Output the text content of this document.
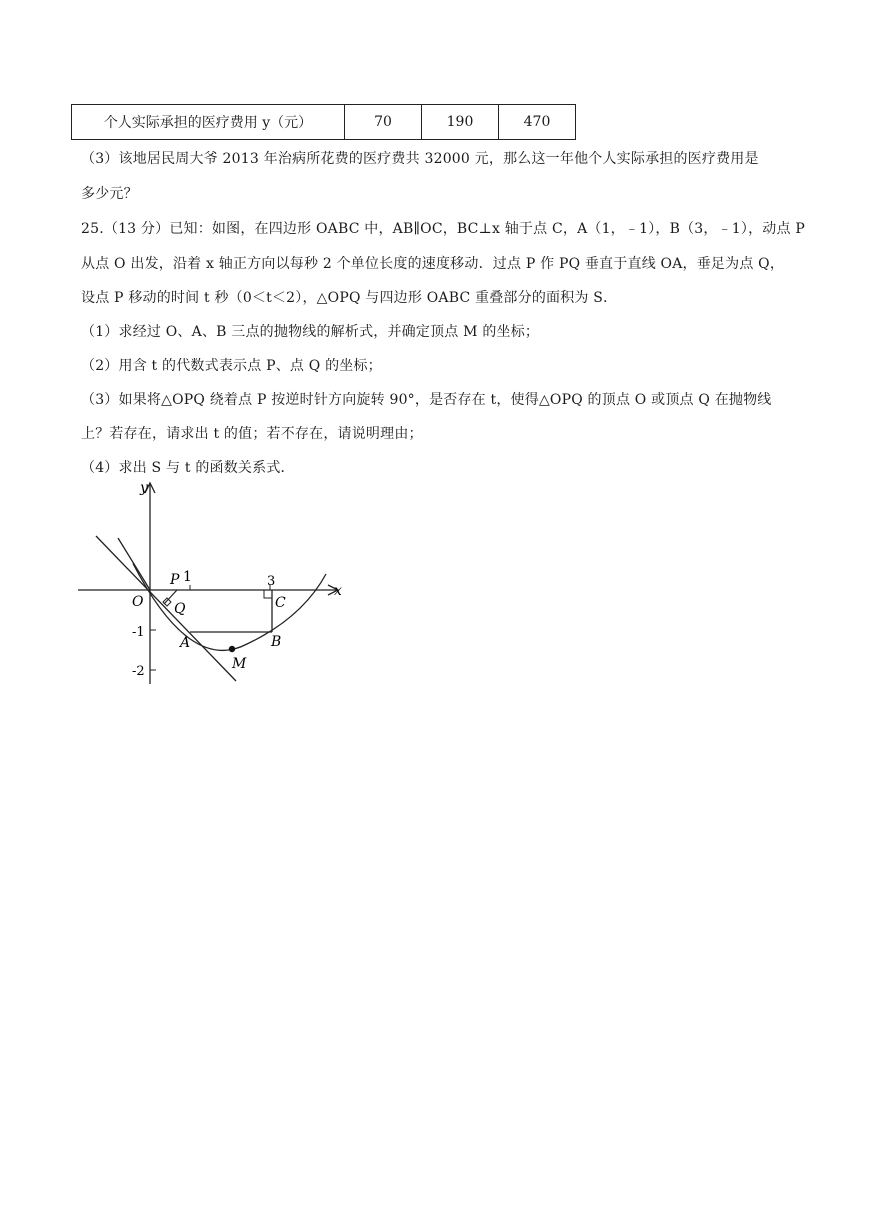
个人实际承担的医疗费用 y（元）	70	190	470
（3）该地居民周大爷 2013 年治病所花费的医疗费共 32000 元，那么这一年他个人实际承担的医疗费用是
多少元？
25.（13 分）已知：如图，在四边形 OABC 中，AB∥OC，BC⊥x 轴于点 C，A（1，﹣1），B（3，﹣1），动点 P
从点 O 出发，沿着 x 轴正方向以每秒 2 个单位长度的速度移动．过点 P 作 PQ 垂直于直线 OA，垂足为点 Q，
设点 P 移动的时间 t 秒（0＜t＜2），△OPQ 与四边形 OABC 重叠部分的面积为 S．
（1）求经过 O、A、B 三点的抛物线的解析式，并确定顶点 M 的坐标；
（2）用含 t 的代数式表示点 P、点 Q 的坐标；
（3）如果将△OPQ 绕着点 P 按逆时针方向旋转 90°，是否存在 t，使得△OPQ 的顶点 O 或顶点 Q 在抛物线
上？若存在，请求出 t 的值；若不存在，请说明理由；
（4）求出 S 与 t 的函数关系式．
y
x
O
P 1
Q
3
C
-1
-2
A	B
M
